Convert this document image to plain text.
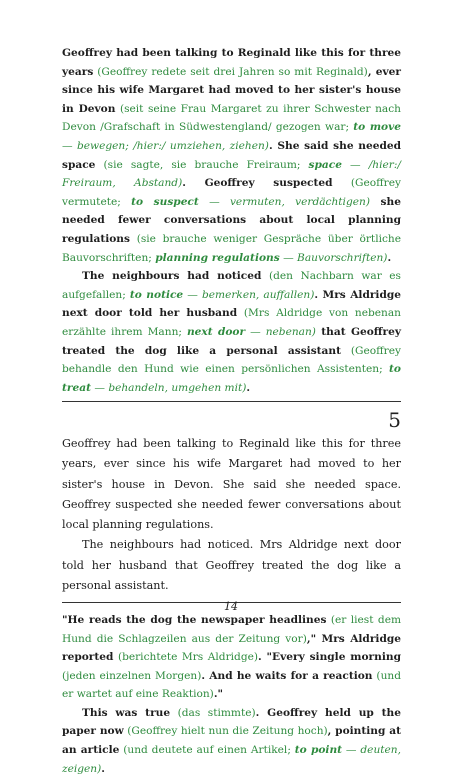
Geoffrey had been talking to Reginald like this for three years (Geoffrey redete seit drei Jahren so mit Reginald), ever since his wife Margaret had moved to her sister's house in Devon (seit seine Frau Margaret zu ihrer Schwester nach Devon /Grafschaft in Südwestengland/ gezogen war; to move — bewegen; /hier:/ umziehen, ziehen). She said she needed space (sie sagte, sie brauche Freiraum; space — /hier:/ Freiraum, Abstand). Geoffrey suspected (Geoffrey vermutete; to suspect — vermuten, verdächtigen) she needed fewer conversations about local planning regulations (sie brauche weniger Gespräche über örtliche Bauvorschriften; planning regulations — Bauvorschriften).

The neighbours had noticed (den Nachbarn war es aufgefallen; to notice — bemerken, auffallen). Mrs Aldridge next door told her husband (Mrs Aldridge von nebenan erzählte ihrem Mann; next door — nebenan) that Geoffrey treated the dog like a personal assistant (Geoffrey behandle den Hund wie einen persönlichen Assistenten; to treat — behandeln, umgehen mit).

5

Geoffrey had been talking to Reginald like this for three years, ever since his wife Margaret had moved to her sister's house in Devon. She said she needed space. Geoffrey suspected she needed fewer conversations about local planning regulations.

The neighbours had noticed. Mrs Aldridge next door told her husband that Geoffrey treated the dog like a personal assistant.

"He reads the dog the newspaper headlines (er liest dem Hund die Schlagzeilen aus der Zeitung vor)," Mrs Aldridge reported (berichtete Mrs Aldridge). "Every single morning (jeden einzelnen Morgen). And he waits for a reaction (und er wartet auf eine Reaktion)."

This was true (das stimmte). Geoffrey held up the paper now (Geoffrey hielt nun die Zeitung hoch), pointing at an article (und deutete auf einen Artikel; to point — deuten, zeigen).

14
